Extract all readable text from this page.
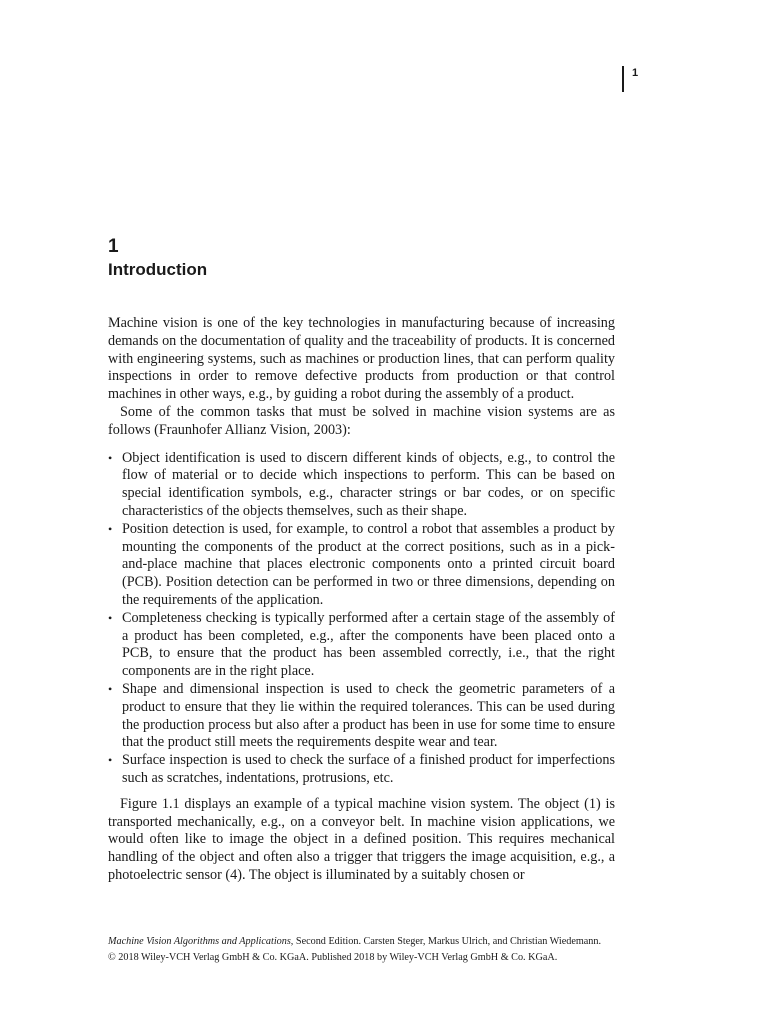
1
1
Introduction

Machine vision is one of the key technologies in manufacturing because of increasing demands on the documentation of quality and the traceability of products. It is concerned with engineering systems, such as machines or production lines, that can perform quality inspections in order to remove defective products from production or that control machines in other ways, e.g., by guiding a robot during the assembly of a product.

Some of the common tasks that must be solved in machine vision systems are as follows (Fraunhofer Allianz Vision, 2003):

• Object identification is used to discern different kinds of objects, e.g., to control the flow of material or to decide which inspections to perform. This can be based on special identification symbols, e.g., character strings or bar codes, or on specific characteristics of the objects themselves, such as their shape.
• Position detection is used, for example, to control a robot that assembles a product by mounting the components of the product at the correct positions, such as in a pick-and-place machine that places electronic components onto a printed circuit board (PCB). Position detection can be performed in two or three dimensions, depending on the requirements of the application.
• Completeness checking is typically performed after a certain stage of the assembly of a product has been completed, e.g., after the components have been placed onto a PCB, to ensure that the product has been assembled correctly, i.e., that the right components are in the right place.
• Shape and dimensional inspection is used to check the geometric parameters of a product to ensure that they lie within the required tolerances. This can be used during the production process but also after a product has been in use for some time to ensure that the product still meets the requirements despite wear and tear.
• Surface inspection is used to check the surface of a finished product for imperfections such as scratches, indentations, protrusions, etc.

Figure 1.1 displays an example of a typical machine vision system. The object (1) is transported mechanically, e.g., on a conveyor belt. In machine vision applications, we would often like to image the object in a defined position. This requires mechanical handling of the object and often also a trigger that triggers the image acquisition, e.g., a photoelectric sensor (4). The object is illuminated by a suitably chosen or

Machine Vision Algorithms and Applications, Second Edition. Carsten Steger, Markus Ulrich, and Christian Wiedemann.
© 2018 Wiley-VCH Verlag GmbH & Co. KGaA. Published 2018 by Wiley-VCH Verlag GmbH & Co. KGaA.
